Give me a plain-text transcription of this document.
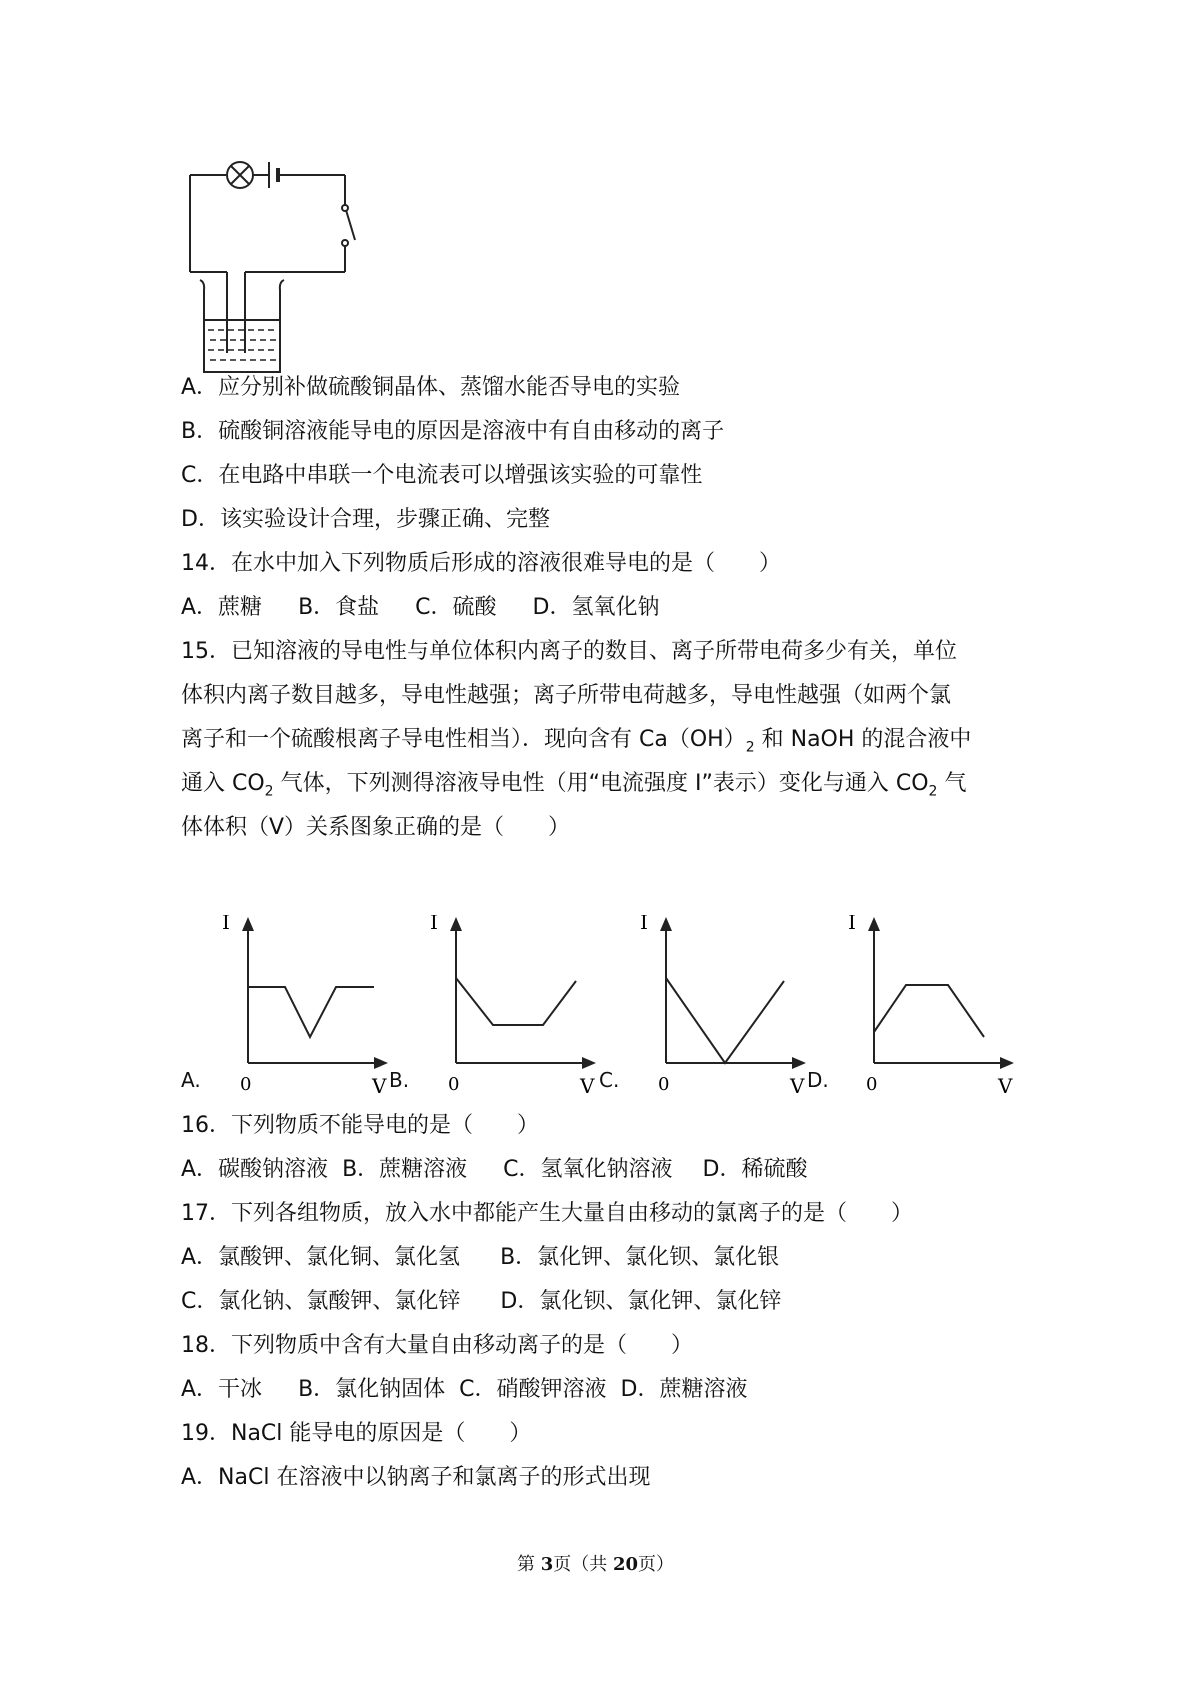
A．应分别补做硫酸铜晶体、蒸馏水能否导电的实验
B．硫酸铜溶液能导电的原因是溶液中有自由移动的离子
C．在电路中串联一个电流表可以增强该实验的可靠性
D．该实验设计合理，步骤正确、完整
14．在水中加入下列物质后形成的溶液很难导电的是（　　）
A．蔗糖 B．食盐 C．硫酸 D．氢氧化钠
15．已知溶液的导电性与单位体积内离子的数目、离子所带电荷多少有关，单位
体积内离子数目越多，导电性越强；离子所带电荷越多，导电性越强（如两个氯
离子和一个硫酸根离子导电性相当）．现向含有 $Ca(OH)_2$ 和 NaOH 的混合液中
通入 $CO_2$ 气体，下列测得溶液导电性（用“电流强度 I”表示）变化与通入 $CO_2$ 气
体体积（V）关系图象正确的是（　　）
A.	B.	C.	D.
I
0	V
I
0	V
I
0	V
I
0	V
16．下列物质不能导电的是（　　）
A．碳酸钠溶液 B．蔗糖溶液 C．氢氧化钠溶液 D．稀硫酸
17．下列各组物质，放入水中都能产生大量自由移动的氯离子的是（　　）
A．氯酸钾、氯化铜、氯化氢 B．氯化钾、氯化钡、氯化银
C．氯化钠、氯酸钾、氯化锌 D．氯化钡、氯化钾、氯化锌
18．下列物质中含有大量自由移动离子的是（　　）
A．干冰 B．氯化钠固体 C．硝酸钾溶液 D．蔗糖溶液
19．NaCl 能导电的原因是（　　）
A．NaCl 在溶液中以钠离子和氯离子的形式出现
第 3页（共 20页）
